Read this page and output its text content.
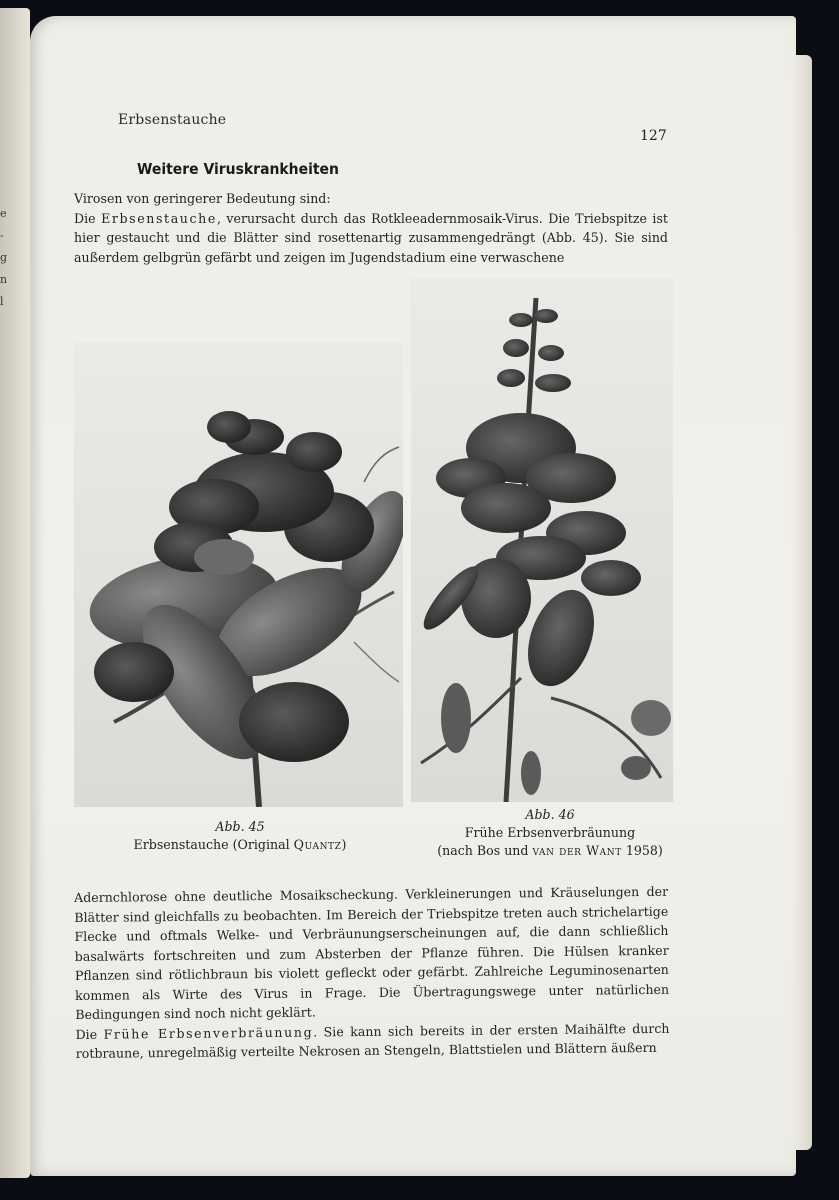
e
-
g
n
l
Erbsenstauche
127
Weitere Viruskrankheiten

Virosen von geringerer Bedeutung sind:
Die Erbsenstauche, verursacht durch das Rotkleeadernmosaik-Virus. Die Triebspitze ist hier gestaucht und die Blätter sind rosettenartig zusammengedrängt (Abb. 45). Sie sind außerdem gelbgrün gefärbt und zeigen im Jugendstadium eine verwaschene

Abb. 45
Erbsenstauche (Original Quantz)
Abb. 46
Frühe Erbsenverbräunung
(nach Bos und van der Want 1958)

Adernchlorose ohne deutliche Mosaikscheckung. Verkleinerungen und Kräuselungen der Blätter sind gleichfalls zu beobachten. Im Bereich der Triebspitze treten auch strichelartige Flecke und oftmals Welke- und Verbräunungserscheinungen auf, die dann schließlich basalwärts fortschreiten und zum Absterben der Pflanze führen. Die Hülsen kranker Pflanzen sind rötlichbraun bis violett gefleckt oder gefärbt. Zahlreiche Leguminosenarten kommen als Wirte des Virus in Frage. Die Übertragungswege unter natürlichen Bedingungen sind noch nicht geklärt.
Die Frühe Erbsenverbräunung. Sie kann sich bereits in der ersten Maihälfte durch rotbraune, unregelmäßig verteilte Nekrosen an Stengeln, Blattstielen und Blättern äußern
